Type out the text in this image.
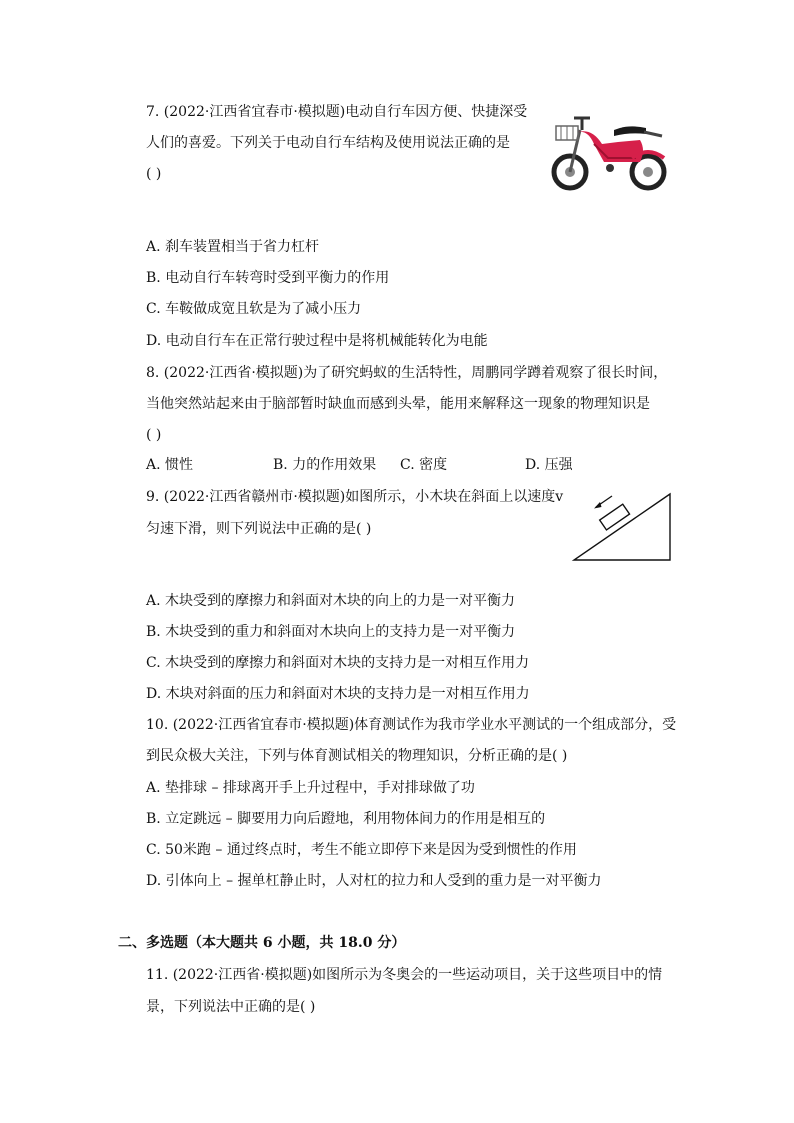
7. (2022·江西省宜春市·模拟题)电动自行车因方便、快捷深受
人们的喜爱。下列关于电动自行车结构及使用说法正确的是
( )
A. 刹车装置相当于省力杠杆
B. 电动自行车转弯时受到平衡力的作用
C. 车鞍做成宽且软是为了减小压力
D. 电动自行车在正常行驶过程中是将机械能转化为电能
8. (2022·江西省·模拟题)为了研究蚂蚁的生活特性，周鹏同学蹲着观察了很长时间，
当他突然站起来由于脑部暂时缺血而感到头晕，能用来解释这一现象的物理知识是
( )
A. 惯性	B. 力的作用效果 C. 密度	D. 压强
9. (2022·江西省赣州市·模拟题)如图所示，小木块在斜面上以速度v
匀速下滑，则下列说法中正确的是( )
A. 木块受到的摩擦力和斜面对木块的向上的力是一对平衡力
B. 木块受到的重力和斜面对木块向上的支持力是一对平衡力
C. 木块受到的摩擦力和斜面对木块的支持力是一对相互作用力
D. 木块对斜面的压力和斜面对木块的支持力是一对相互作用力
10. (2022·江西省宜春市·模拟题)体育测试作为我市学业水平测试的一个组成部分，受
到民众极大关注，下列与体育测试相关的物理知识，分析正确的是( )
A. 垫排球 – 排球离开手上升过程中，手对排球做了功
B. 立定跳远 – 脚要用力向后蹬地，利用物体间力的作用是相互的
C. 50米跑 – 通过终点时，考生不能立即停下来是因为受到惯性的作用
D. 引体向上 – 握单杠静止时，人对杠的拉力和人受到的重力是一对平衡力
二、多选题（本大题共 6 小题，共 18.0 分）
11. (2022·江西省·模拟题)如图所示为冬奥会的一些运动项目，关于这些项目中的情
景，下列说法中正确的是( )
